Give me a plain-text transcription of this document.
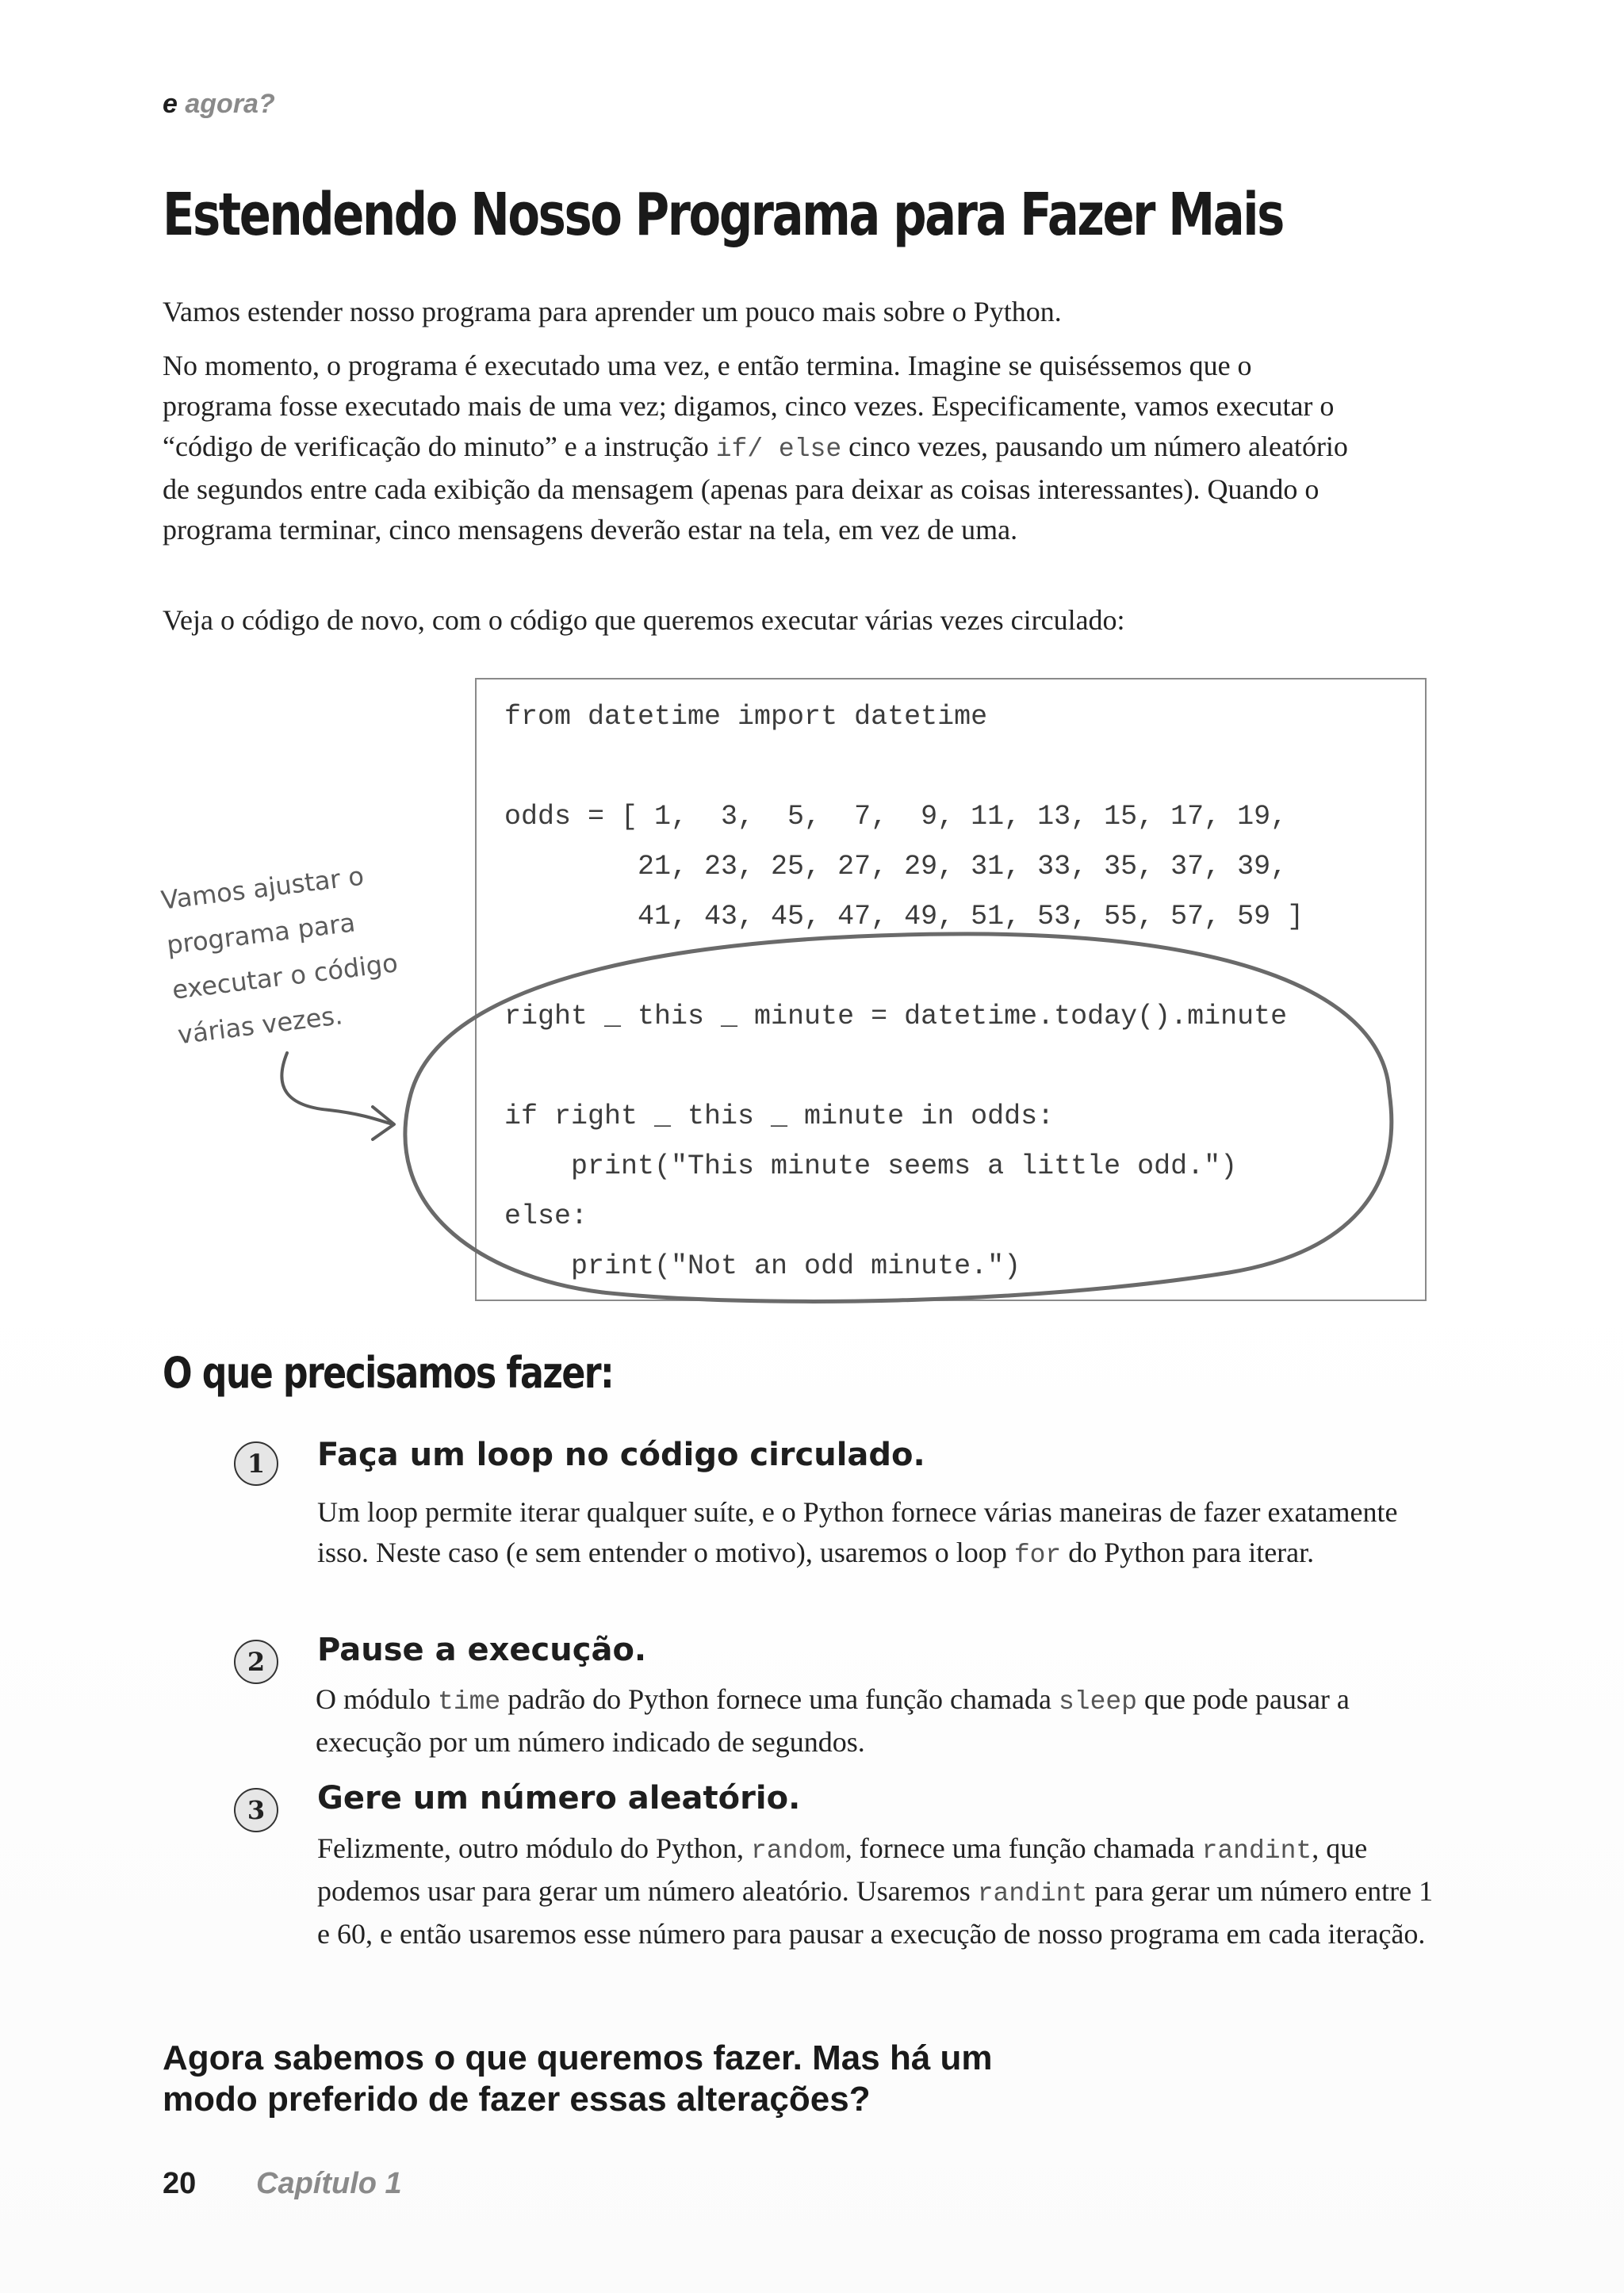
e agora?

Estendendo Nosso Programa para Fazer Mais

Vamos estender nosso programa para aprender um pouco mais sobre o Python.

No momento, o programa é executado uma vez, e então termina. Imagine se quiséssemos que o programa fosse executado mais de uma vez; digamos, cinco vezes. Especificamente, vamos executar o “código de verificação do minuto” e a instrução if/ else cinco vezes, pausando um número aleatório de segundos entre cada exibição da mensagem (apenas para deixar as coisas interessantes). Quando o programa terminar, cinco mensagens deverão estar na tela, em vez de uma.

Veja o código de novo, com o código que queremos executar várias vezes circulado:

from datetime import datetime
odds = [ 1,  3,  5,  7,  9, 11, 13, 15, 17, 19,
21, 23, 25, 27, 29, 31, 33, 35, 37, 39,
41, 43, 45, 47, 49, 51, 53, 55, 57, 59 ]
right _ this _ minute = datetime.today().minute
if right _ this _ minute in odds:
print("This minute seems a little odd.")
else:
print("Not an odd minute.")

Vamos ajustar o
programa para
executar o código
várias vezes.

O que precisamos fazer:
1	Faça um loop no código circulado.

Um loop permite iterar qualquer suíte, e o Python fornece várias maneiras de fazer exatamente isso. Neste caso (e sem entender o motivo), usaremos o loop for do Python para iterar.

2	Pause a execução.

O módulo time padrão do Python fornece uma função chamada sleep que pode pausar a execução por um número indicado de segundos.

3	Gere um número aleatório.

Felizmente, outro módulo do Python, random, fornece uma função chamada randint, que podemos usar para gerar um número aleatório. Usaremos randint para gerar um número entre 1 e 60, e então usaremos esse número para pausar a execução de nosso programa em cada iteração.

Agora sabemos o que queremos fazer. Mas há um
modo preferido de fazer essas alterações?

20 Capítulo 1
